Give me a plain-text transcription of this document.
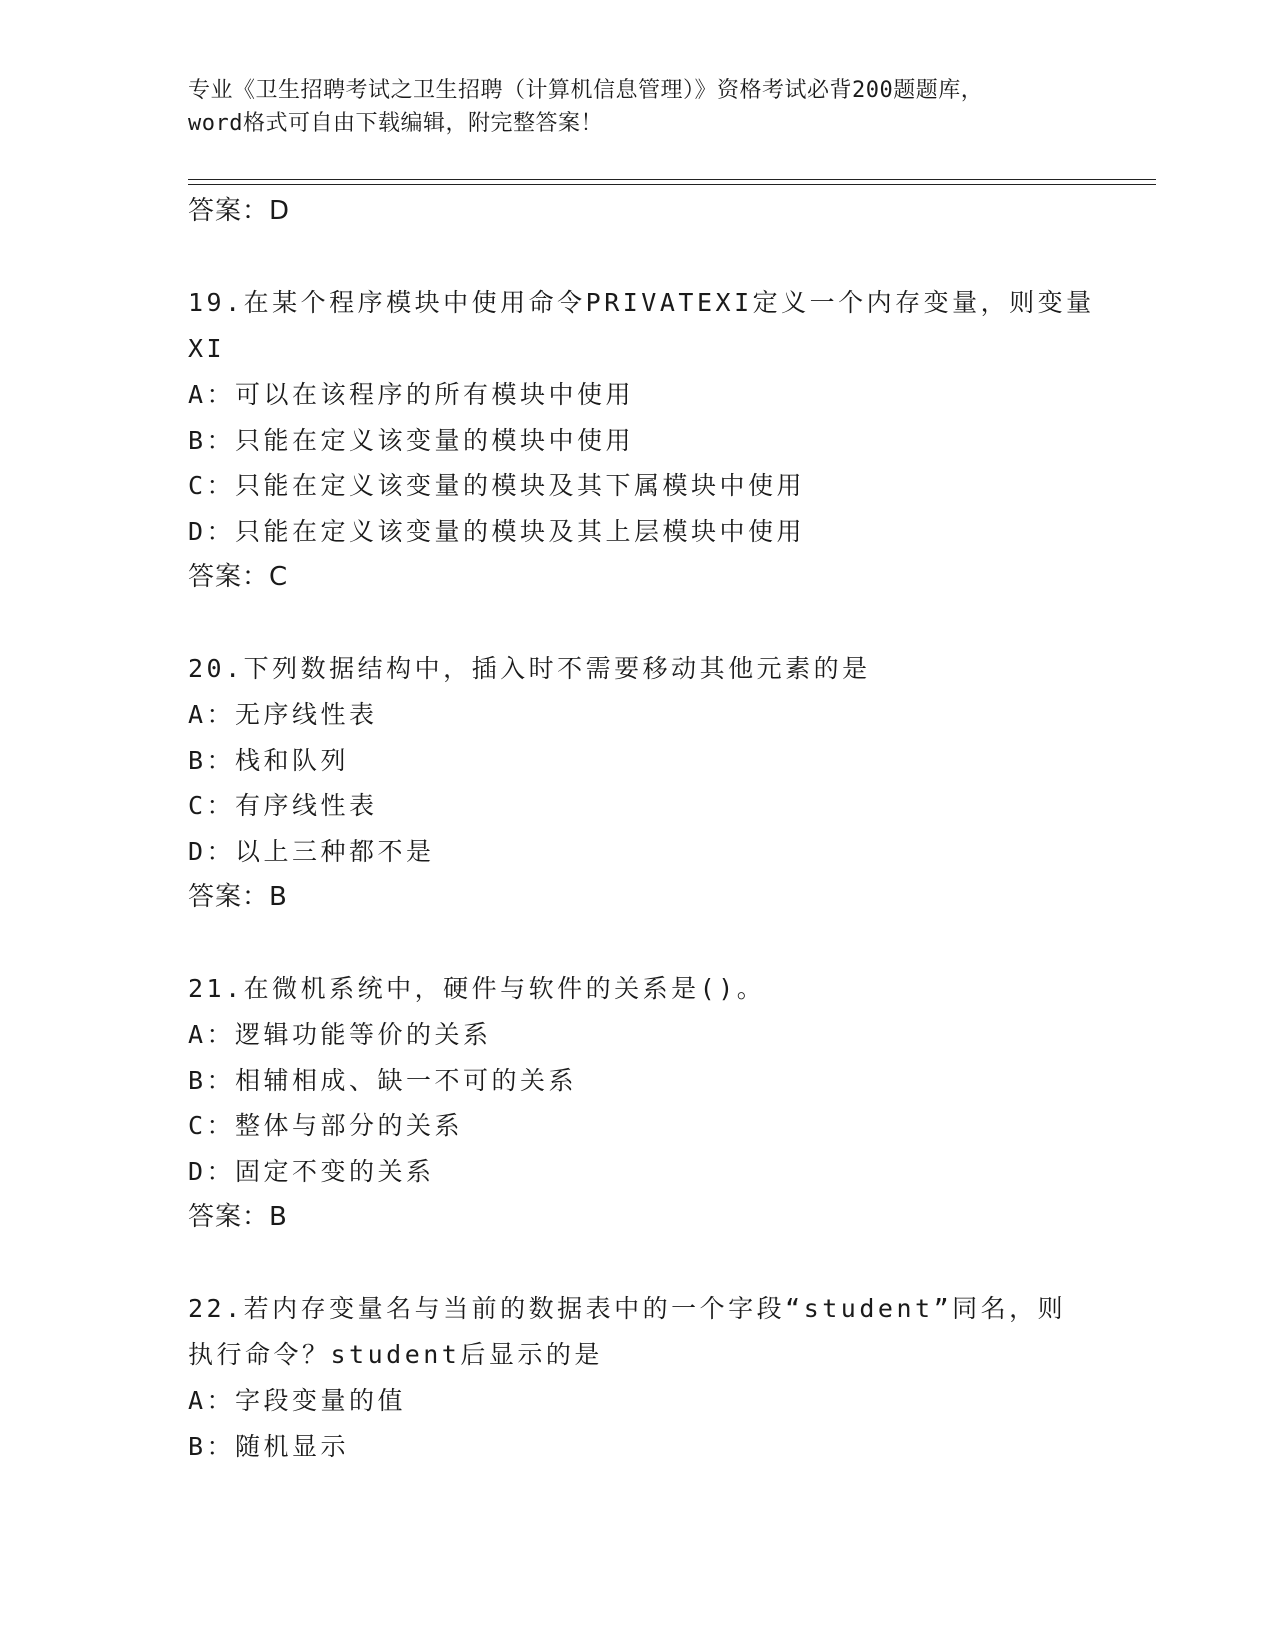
专业《卫生招聘考试之卫生招聘（计算机信息管理）》资格考试必背200题题库，
word格式可自由下载编辑，附完整答案！
答案：D
19.在某个程序模块中使用命令PRIVATEXI定义一个内存变量，则变量
XI
A：可以在该程序的所有模块中使用
B：只能在定义该变量的模块中使用
C：只能在定义该变量的模块及其下属模块中使用
D：只能在定义该变量的模块及其上层模块中使用
答案：C
20.下列数据结构中，插入时不需要移动其他元素的是
A：无序线性表
B：栈和队列
C：有序线性表
D：以上三种都不是
答案：B
21.在微机系统中，硬件与软件的关系是()。
A：逻辑功能等价的关系
B：相辅相成、缺一不可的关系
C：整体与部分的关系
D：固定不变的关系
答案：B
22.若内存变量名与当前的数据表中的一个字段“student”同名，则
执行命令？student后显示的是
A：字段变量的值
B：随机显示
